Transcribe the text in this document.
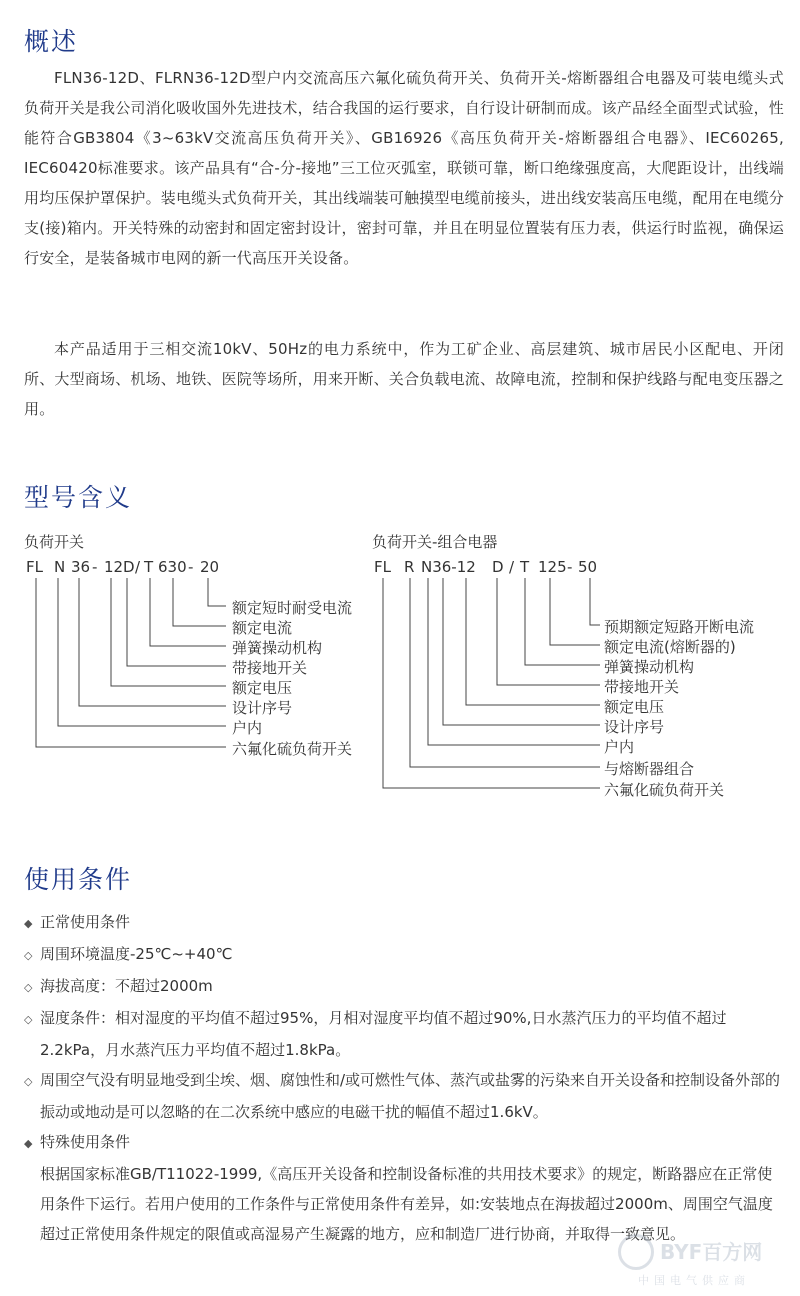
概述

FLN36-12D、FLRN36-12D型户内交流高压六氟化硫负荷开关、负荷开关-熔断器组合电器及可装电缆头式负荷开关是我公司消化吸收国外先进技术，结合我国的运行要求，自行设计研制而成。该产品经全面型式试验，性能符合GB3804《3~63kV交流高压负荷开关》、GB16926《高压负荷开关-熔断器组合电器》、IEC60265, IEC60420标准要求。该产品具有“合-分-接地”三工位灭弧室，联锁可靠，断口绝缘强度高，大爬距设计，出线端用均压保护罩保护。装电缆头式负荷开关，其出线端装可触摸型电缆前接头，进出线安装高压电缆，配用在电缆分支(接)箱内。开关特殊的动密封和固定密封设计，密封可靠，并且在明显位置装有压力表，供运行时监视，确保运行安全，是装备城市电网的新一代高压开关设备。

本产品适用于三相交流10kV、50Hz的电力系统中，作为工矿企业、高层建筑、城市居民小区配电、开闭所、大型商场、机场、地铁、医院等场所，用来开断、关合负载电流、故障电流，控制和保护线路与配电变压器之用。

型号含义
负荷开关	负荷开关-组合电器
FL N 36 - 12 D / T 630 - 20	FL R N36-12 D / T 125 - 50
额定短时耐受电流
额定电流
弹簧操动机构
带接地开关
额定电压
设计序号
户内
六氟化硫负荷开关
预期额定短路开断电流
额定电流(熔断器的)
弹簧操动机构
带接地开关
额定电压
设计序号
户内
与熔断器组合
六氟化硫负荷开关
使用条件
◆ 正常使用条件
◇ 周围环境温度-25℃~+40℃
◇ 海拔高度：不超过2000m
◇ 湿度条件：相对湿度的平均值不超过95%，月相对湿度平均值不超过90%,日水蒸汽压力的平均值不超过2.2kPa，月水蒸汽压力平均值不超过1.8kPa。
◇ 周围空气没有明显地受到尘埃、烟、腐蚀性和/或可燃性气体、蒸汽或盐雾的污染来自开关设备和控制设备外部的振动或地动是可以忽略的在二次系统中感应的电磁干扰的幅值不超过1.6kV。
◆ 特殊使用条件
根据国家标准GB/T11022-1999,《高压开关设备和控制设备标准的共用技术要求》的规定，断路器应在正常使用条件下运行。若用户使用的工作条件与正常使用条件有差异，如:安装地点在海拔超过2000m、周围空气温度超过正常使用条件规定的限值或高湿易产生凝露的地方，应和制造厂进行协商，并取得一致意见。
BYF百方网
中国电气供应商
